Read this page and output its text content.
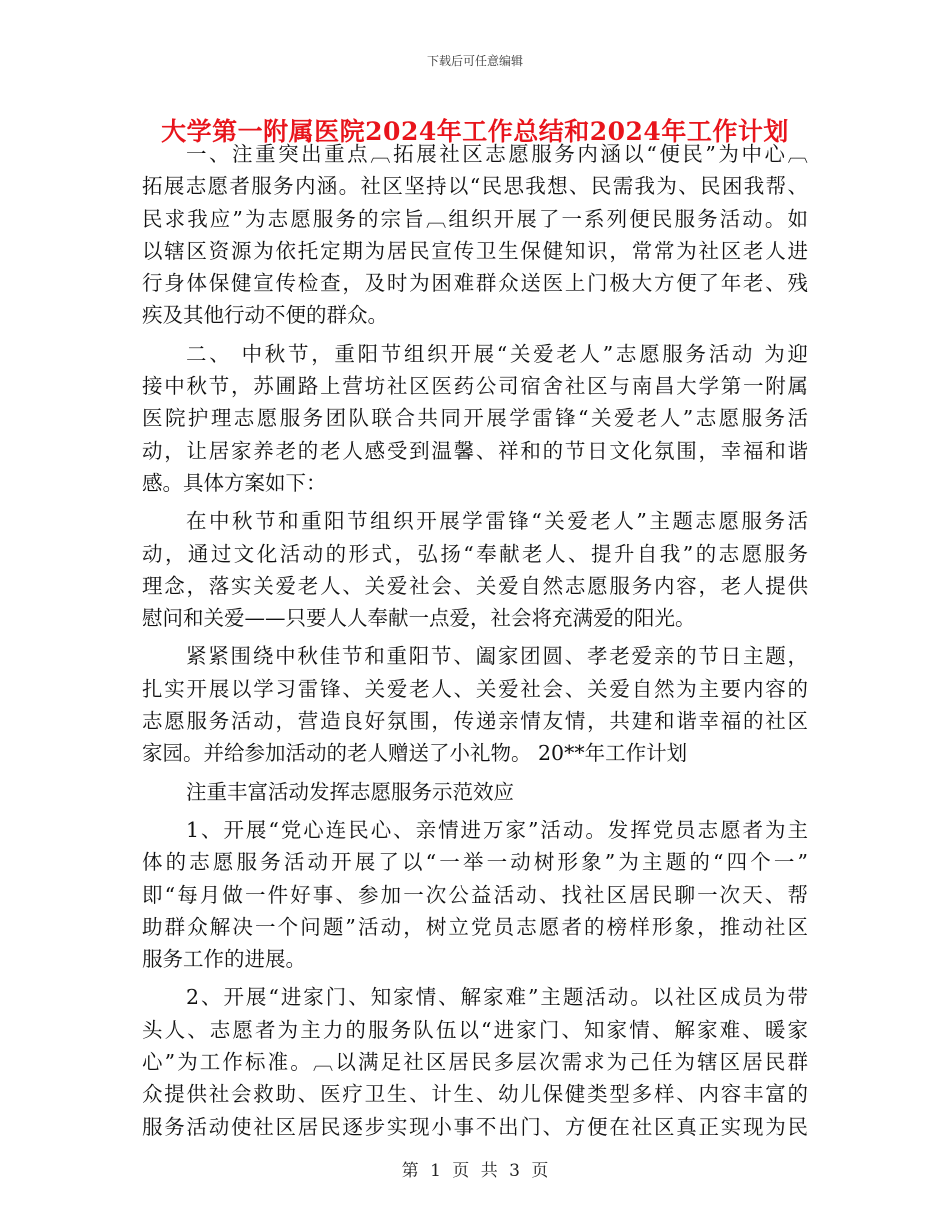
下载后可任意编辑
大学第一附属医院2024年工作总结和2024年工作计划
一、注重突出重点︹拓展社区志愿服务内涵以“便民”为中心︹
拓展志愿者服务内涵。社区坚持以“民思我想、民需我为、民困我帮、
民求我应”为志愿服务的宗旨︹组织开展了一系列便民服务活动。如
以辖区资源为依托定期为居民宣传卫生保健知识，常常为社区老人进
行身体保健宣传检查，及时为困难群众送医上门极大方便了年老、残
疾及其他行动不便的群众。
二、 中秋节，重阳节组织开展“关爱老人”志愿服务活动 为迎
接中秋节，苏圃路上营坊社区医药公司宿舍社区与南昌大学第一附属
医院护理志愿服务团队联合共同开展学雷锋“关爱老人”志愿服务活
动，让居家养老的老人感受到温馨、祥和的节日文化氛围，幸福和谐
感。具体方案如下：
在中秋节和重阳节组织开展学雷锋“关爱老人”主题志愿服务活
动，通过文化活动的形式，弘扬“奉献老人、提升自我”的志愿服务
理念，落实关爱老人、关爱社会、关爱自然志愿服务内容，老人提供
慰问和关爱——只要人人奉献一点爱，社会将充满爱的阳光。
紧紧围绕中秋佳节和重阳节、阖家团圆、孝老爱亲的节日主题，
扎实开展以学习雷锋、关爱老人、关爱社会、关爱自然为主要内容的
志愿服务活动，营造良好氛围，传递亲情友情，共建和谐幸福的社区
家园。并给参加活动的老人赠送了小礼物。 20**年工作计划
注重丰富活动发挥志愿服务示范效应
1、开展“党心连民心、亲情进万家”活动。发挥党员志愿者为主
体的志愿服务活动开展了以“一举一动树形象”为主题的“四个一”
即“每月做一件好事、参加一次公益活动、找社区居民聊一次天、帮
助群众解决一个问题”活动，树立党员志愿者的榜样形象，推动社区
服务工作的进展。
2、开展“进家门、知家情、解家难”主题活动。以社区成员为带
头人、志愿者为主力的服务队伍以“进家门、知家情、解家难、暖家
心”为工作标准。︹以满足社区居民多层次需求为己任为辖区居民群
众提供社会救助、医疗卫生、计生、幼儿保健类型多样、内容丰富的
服务活动使社区居民逐步实现小事不出门、方便在社区真正实现为民
第 1 页 共 3 页
